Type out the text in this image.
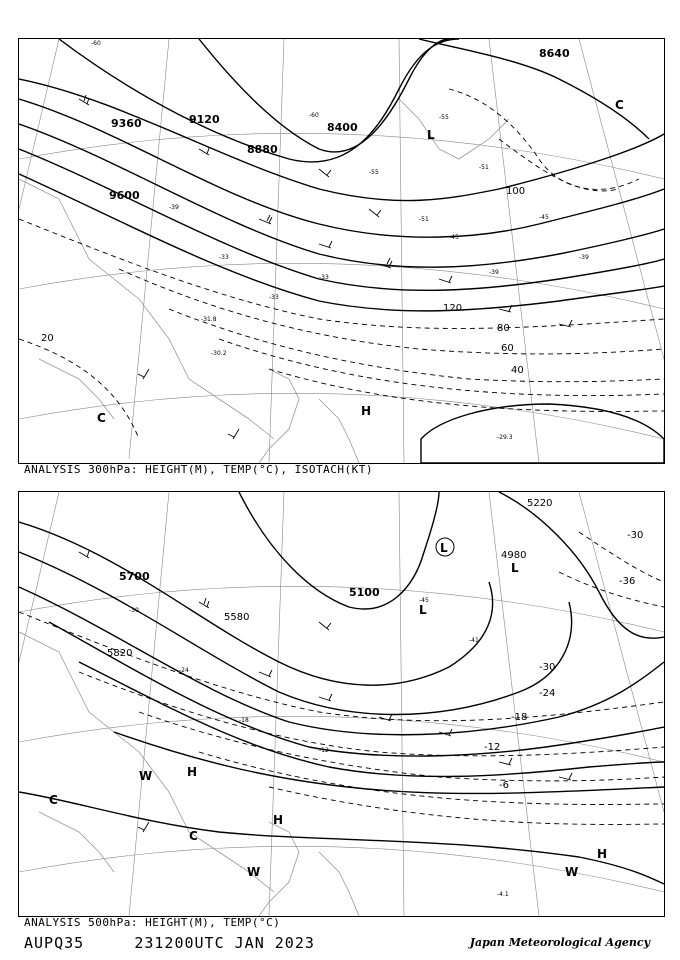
-60
-33
-55
-51
-45
-39
-33
-39
8400
8640
9120
9360
9600
8880
20
40
60
80
100
120
-60
-55
-51
-45
-39
-33
-30.2
-31.8
-29.3
H
L
C
C
ANALYSIS 300hPa: HEIGHT(M), TEMP(°C), ISOTACH(KT)
-30
-24
-18
-12
-45
-41
5220
4980
5100
5580
5700
5820
-30
-36
-30
-24
-18
-12
-6
-4.1
H
H
H
L
L
C
C
W
W
W
L
ANALYSIS 500hPa: HEIGHT(M), TEMP(°C)
AUPQ35	231200UTC JAN 2023	Japan Meteorological Agency
